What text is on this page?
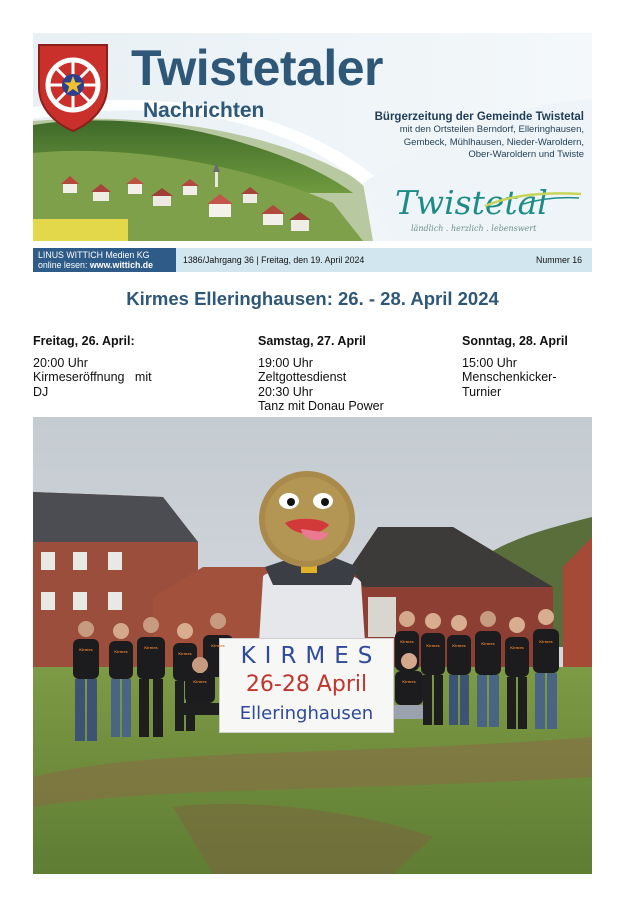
Twistetaler
Nachrichten	Bürgerzeitung der Gemeinde Twistetal
mit den Ortsteilen Berndorf, Elleringhausen,
Gembeck, Mühlhausen, Nieder-Waroldern,
Ober-Waroldern und Twiste
Twistetal
ländlich . herzlich . lebenswert
LINUS WITTICH Medien KG
online lesen: www.wittich.de	1386/Jahrgang 36 | Freitag, den 19. April 2024	Nummer 16
Kirmes Elleringhausen: 26. - 28. April 2024
Freitag, 26. April:
20:00 Uhr
Kirmeseröffnung   mit
DJ
Samstag, 27. April
19:00 Uhr
Zeltgottesdienst
20:30 Uhr
Tanz mit Donau Power
Sonntag, 28. April
15:00 Uhr
Menschenkicker-
Turnier
KIRMES
26-28 April
Elleringhausen
Kirmes	Kirmes
Kirmes
Kirmes
Kirmes
Kirmes
Kirmes
Kirmes
Kirmes	Kirmes	Kirmes
Kirmes
Kirmes
